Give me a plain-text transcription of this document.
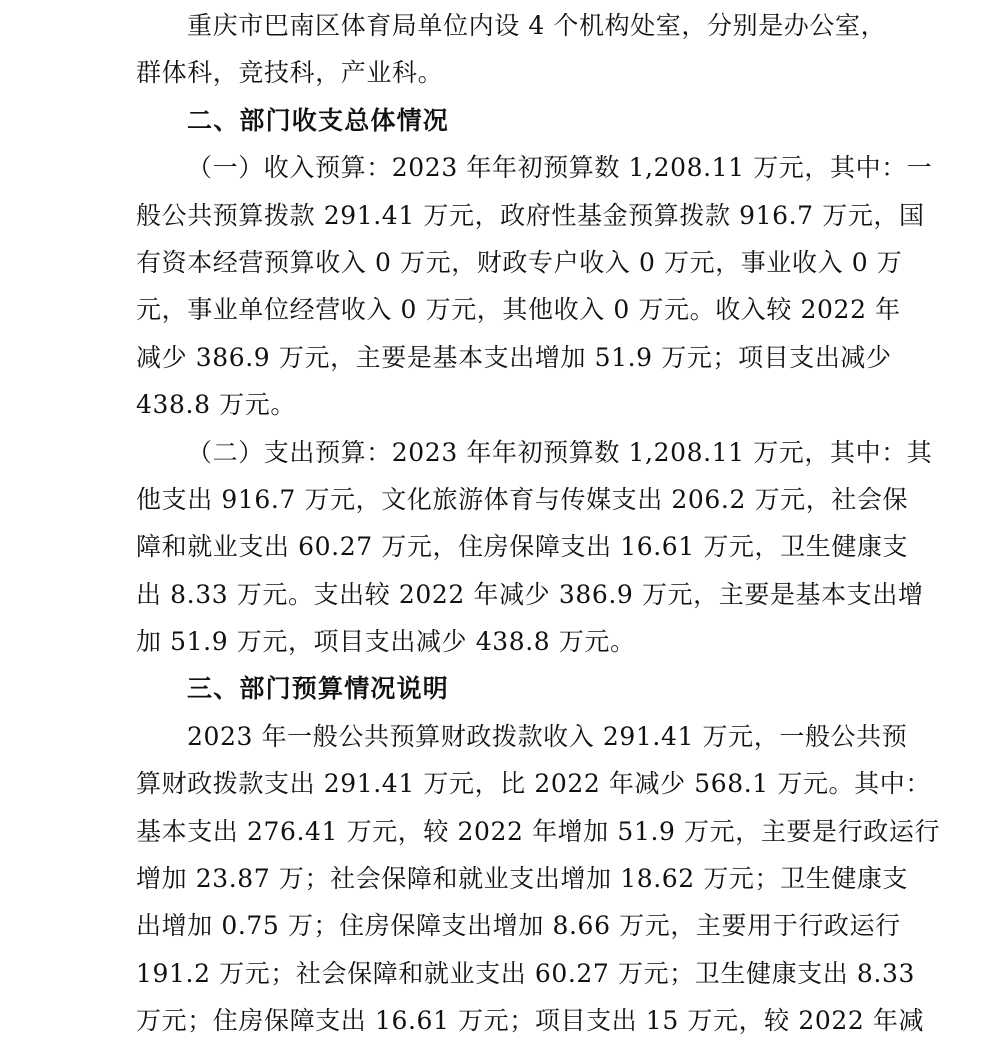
重庆市巴南区体育局单位内设 4 个机构处室，分别是办公室，
群体科，竞技科，产业科。
二、部门收支总体情况
（一）收入预算：2023 年年初预算数 1,208.11 万元，其中：一
般公共预算拨款 291.41 万元，政府性基金预算拨款 916.7 万元，国
有资本经营预算收入 0 万元，财政专户收入 0 万元，事业收入 0 万
元，事业单位经营收入 0 万元，其他收入 0 万元。收入较 2022 年
减少 386.9 万元，主要是基本支出增加 51.9 万元；项目支出减少
438.8 万元。
（二）支出预算：2023 年年初预算数 1,208.11 万元，其中：其
他支出 916.7 万元，文化旅游体育与传媒支出 206.2 万元，社会保
障和就业支出 60.27 万元，住房保障支出 16.61 万元，卫生健康支
出 8.33 万元。支出较 2022 年减少 386.9 万元，主要是基本支出增
加 51.9 万元，项目支出减少 438.8 万元。
三、部门预算情况说明
2023 年一般公共预算财政拨款收入 291.41 万元，一般公共预
算财政拨款支出 291.41 万元，比 2022 年减少 568.1 万元。其中：
基本支出 276.41 万元，较 2022 年增加 51.9 万元，主要是行政运行
增加 23.87 万；社会保障和就业支出增加 18.62 万元；卫生健康支
出增加 0.75 万；住房保障支出增加 8.66 万元，主要用于行政运行
191.2 万元；社会保障和就业支出 60.27 万元；卫生健康支出 8.33
万元；住房保障支出 16.61 万元；项目支出 15 万元，较 2022 年减
